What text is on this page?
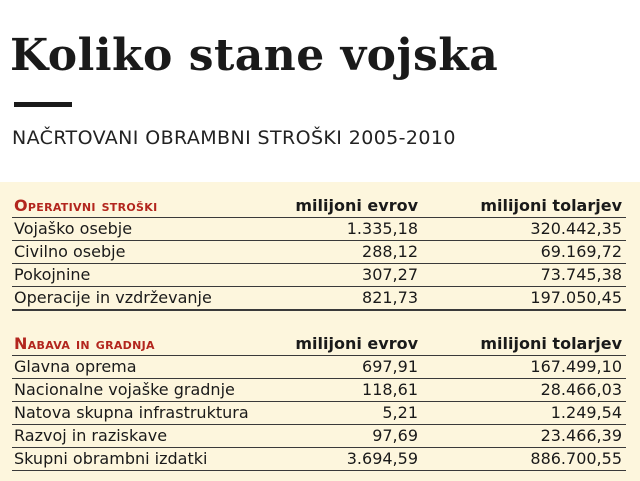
Koliko stane vojska
NAČRTOVANI OBRAMBNI STROŠKI 2005-2010
Operativni stroški	milijoni evrov	milijoni tolarjev
Vojaško osebje	1.335,18	320.442,35
Civilno osebje	288,12	69.169,72
Pokojnine	307,27	73.745,38
Operacije in vzdrževanje	821,73	197.050,45
Nabava in gradnja	milijoni evrov	milijoni tolarjev
Glavna oprema	697,91	167.499,10
Nacionalne vojaške gradnje	118,61	28.466,03
Natova skupna infrastruktura	5,21	1.249,54
Razvoj in raziskave	97,69	23.466,39
Skupni obrambni izdatki	3.694,59	886.700,55
